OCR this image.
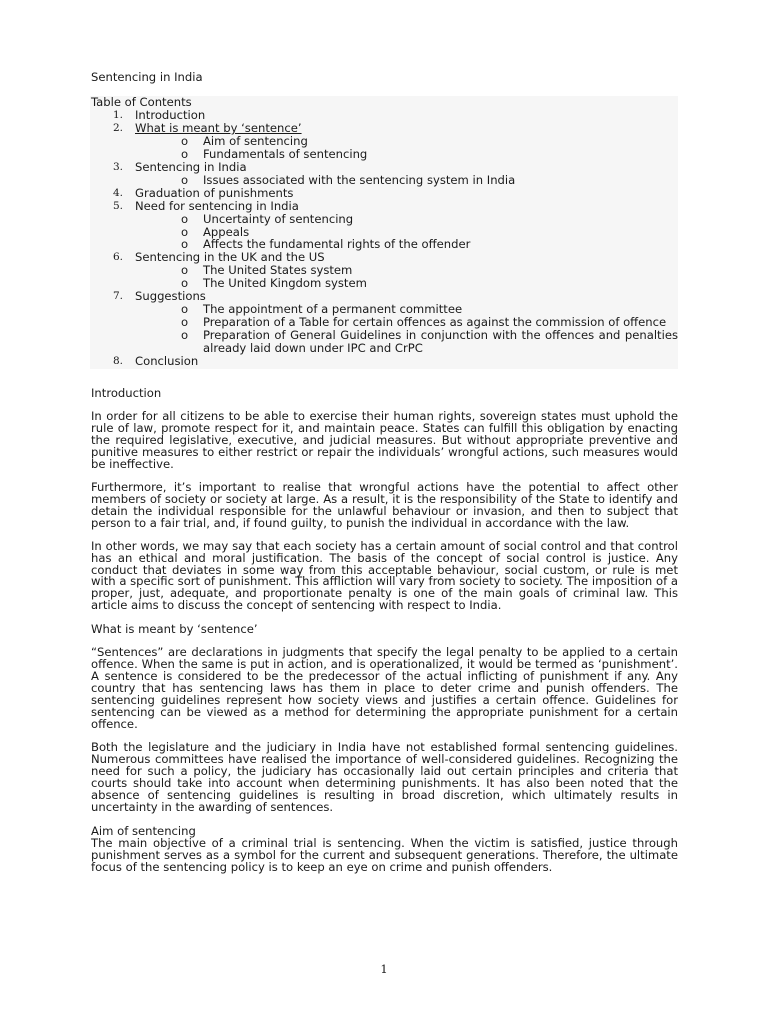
Sentencing in India
Table of Contents
1. Introduction
2. What is meant by ‘sentence’
o Aim of sentencing
o Fundamentals of sentencing
3. Sentencing in India
o Issues associated with the sentencing system in India
4. Graduation of punishments
5. Need for sentencing in India
o Uncertainty of sentencing
o Appeals
o Affects the fundamental rights of the offender
6. Sentencing in the UK and the US
o The United States system
o The United Kingdom system
7. Suggestions
o The appointment of a permanent committee
o Preparation of a Table for certain offences as against the commission of offence
o Preparation of General Guidelines in conjunction with the offences and penalties already laid down under IPC and CrPC
8. Conclusion
Introduction

In order for all citizens to be able to exercise their human rights, sovereign states must uphold the rule of law, promote respect for it, and maintain peace. States can fulfill this obligation by enacting the required legislative, executive, and judicial measures. But without appropriate preventive and punitive measures to either restrict or repair the individuals’ wrongful actions, such measures would be ineffective.

Furthermore, it’s important to realise that wrongful actions have the potential to affect other members of society or society at large. As a result, it is the responsibility of the State to identify and detain the individual responsible for the unlawful behaviour or invasion, and then to subject that person to a fair trial, and, if found guilty, to punish the individual in accordance with the law.

In other words, we may say that each society has a certain amount of social control and that control has an ethical and moral justification. The basis of the concept of social control is justice. Any conduct that deviates in some way from this acceptable behaviour, social custom, or rule is met with a specific sort of punishment. This affliction will vary from society to society. The imposition of a proper, just, adequate, and proportionate penalty is one of the main goals of criminal law. This article aims to discuss the concept of sentencing with respect to India.

What is meant by ‘sentence’

“Sentences” are declarations in judgments that specify the legal penalty to be applied to a certain offence. When the same is put in action, and is operationalized, it would be termed as ‘punishment’. A sentence is considered to be the predecessor of the actual inflicting of punishment if any. Any country that has sentencing laws has them in place to deter crime and punish offenders. The sentencing guidelines represent how society views and justifies a certain offence. Guidelines for sentencing can be viewed as a method for determining the appropriate punishment for a certain offence.

Both the legislature and the judiciary in India have not established formal sentencing guidelines. Numerous committees have realised the importance of well-considered guidelines. Recognizing the need for such a policy, the judiciary has occasionally laid out certain principles and criteria that courts should take into account when determining punishments. It has also been noted that the absence of sentencing guidelines is resulting in broad discretion, which ultimately results in uncertainty in the awarding of sentences.

Aim of sentencing

The main objective of a criminal trial is sentencing. When the victim is satisfied, justice through punishment serves as a symbol for the current and subsequent generations. Therefore, the ultimate focus of the sentencing policy is to keep an eye on crime and punish offenders.

1
